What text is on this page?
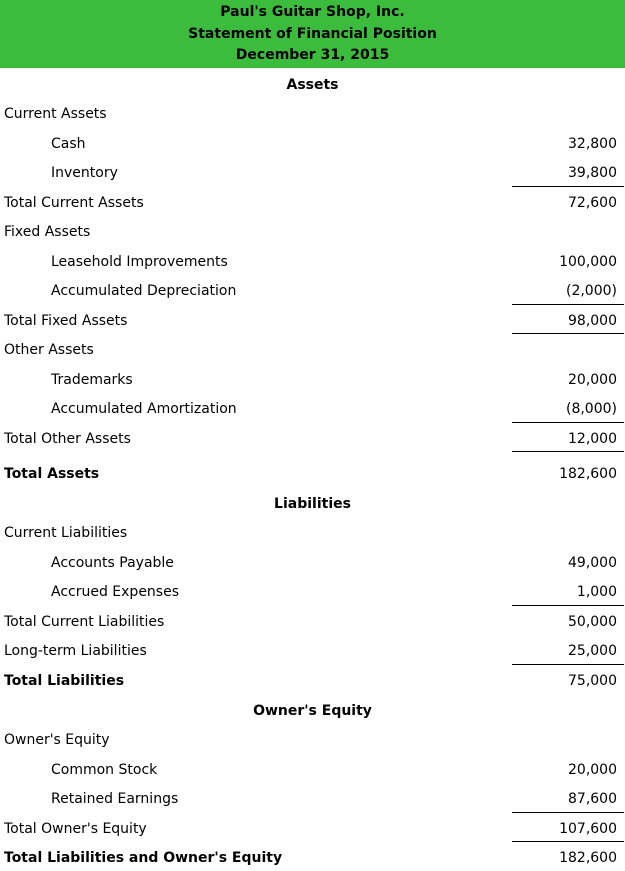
Paul's Guitar Shop, Inc.
Statement of Financial Position
December 31, 2015
Assets
Current Assets
Cash	32,800
Inventory	39,800
Total Current Assets	72,600
Fixed Assets
Leasehold Improvements	100,000
Accumulated Depreciation	(2,000)
Total Fixed Assets	98,000
Other Assets
Trademarks	20,000
Accumulated Amortization	(8,000)
Total Other Assets	12,000
Total Assets	182,600
Liabilities
Current Liabilities
Accounts Payable	49,000
Accrued Expenses	1,000
Total Current Liabilities	50,000
Long-term Liabilities	25,000
Total Liabilities	75,000
Owner's Equity
Owner's Equity
Common Stock	20,000
Retained Earnings	87,600
Total Owner's Equity	107,600
Total Liabilities and Owner's Equity	182,600
